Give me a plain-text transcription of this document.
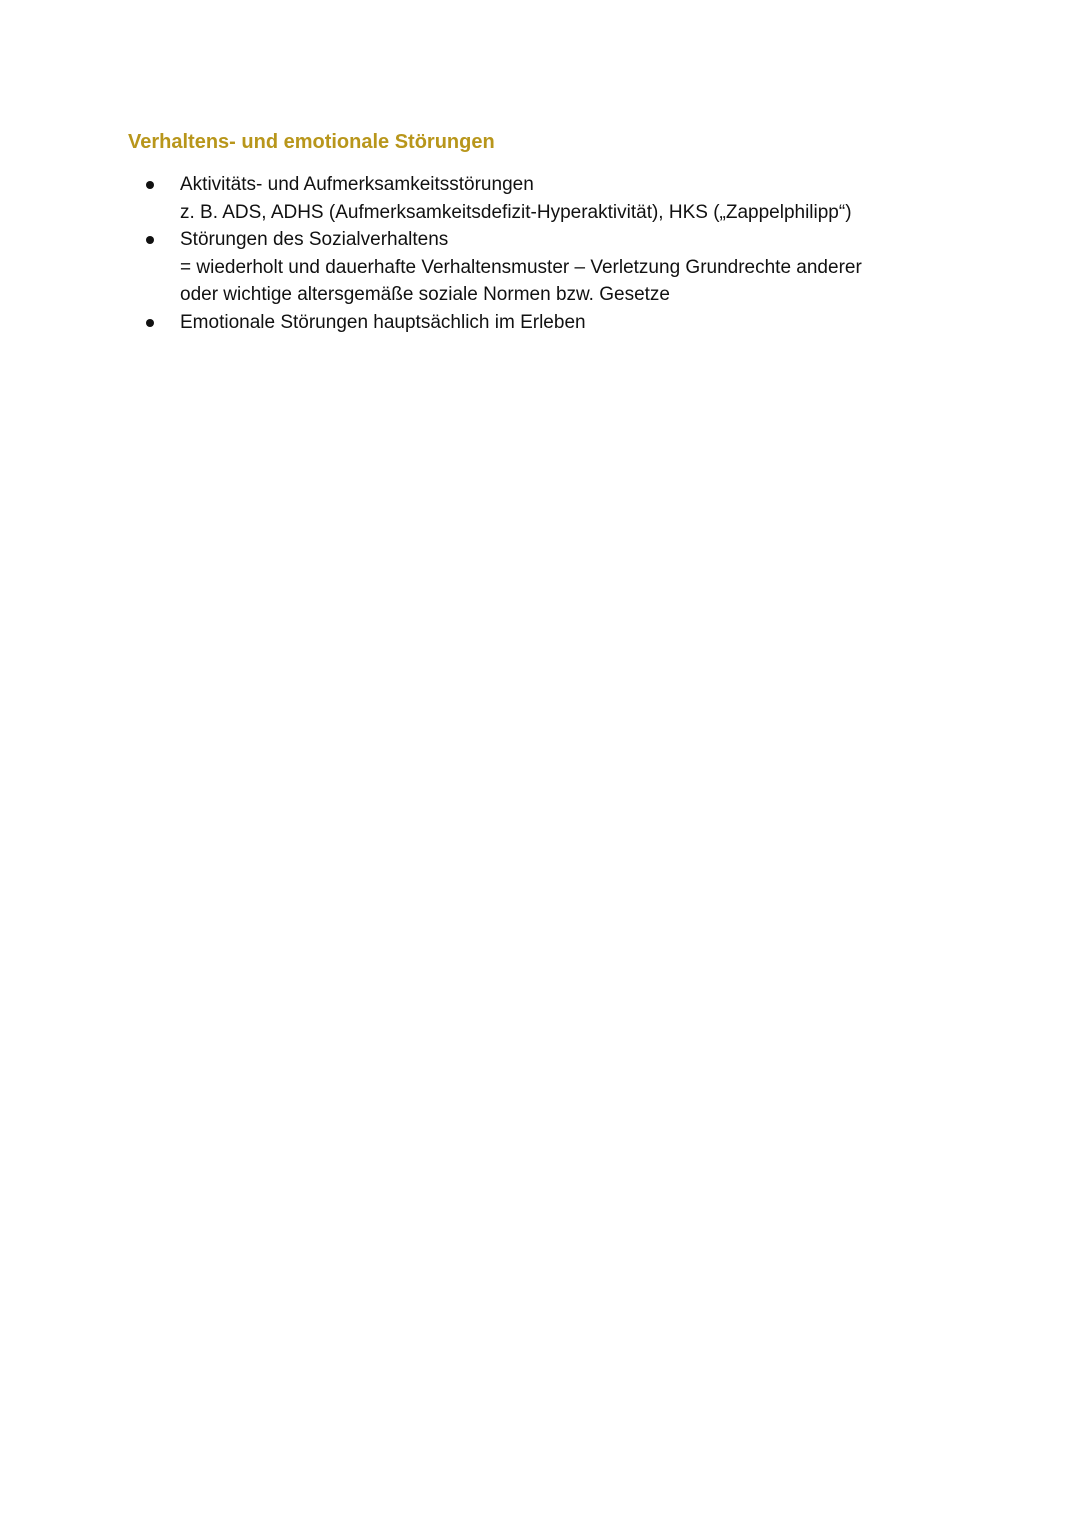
Verhaltens- und emotionale Störungen
Aktivitäts- und Aufmerksamkeitsstörungen
z. B. ADS, ADHS (Aufmerksamkeitsdefizit-Hyperaktivität), HKS („Zappelphilipp“)
Störungen des Sozialverhaltens
= wiederholt und dauerhafte Verhaltensmuster – Verletzung Grundrechte anderer
oder wichtige altersgemäße soziale Normen bzw. Gesetze
Emotionale Störungen hauptsächlich im Erleben
